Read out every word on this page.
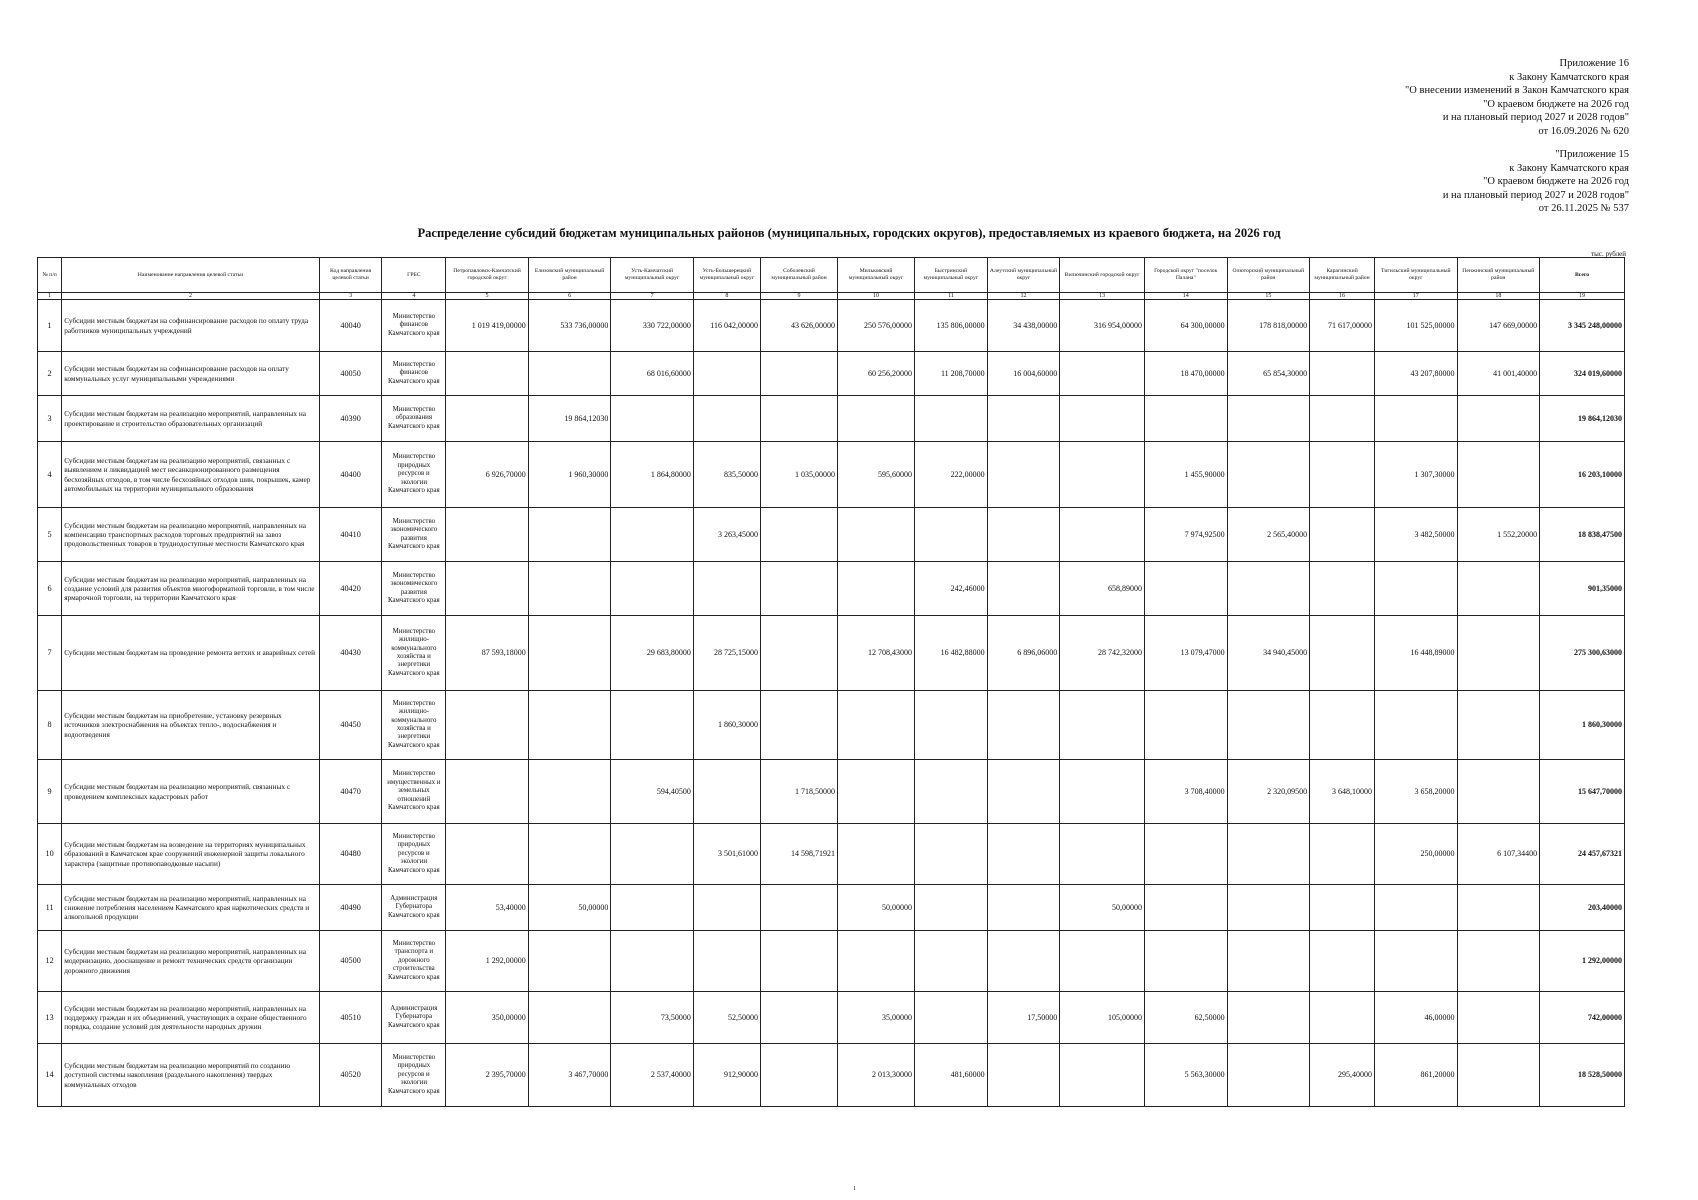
Приложение 16
к Закону Камчатского края
"О внесении изменений в Закон Камчатского края
"О краевом бюджете на 2026 год
и на плановый период 2027 и 2028 годов"
от 16.09.2026 № 620
"Приложение 15
к Закону Камчатского края
"О краевом бюджете на 2026 год
и на плановый период 2027 и 2028 годов"
от 26.11.2025 № 537
Распределение субсидий бюджетам муниципальных районов (муниципальных, городских округов), предоставляемых из краевого бюджета, на 2026 год
тыс. рублей
№ п/п	Наименование направления целевой статьи	Код направления целевой статьи	ГРБС	Петропавловск-Камчатский городской округ	Елизовский муниципальный район	Усть-Камчатский муниципальный округ	Усть-Большерецкий муниципальный округ	Соболевский муниципальный район	Мильковский муниципальный округ	Быстринский муниципальный округ	Алеутский муниципальный округ	Вилючинский городской округ	Городской округ "поселок Палана"	Олюторский муниципальный район	Карагинский муниципальный район	Тигильский муниципальный округ	Пенжинский муниципальный район	Всего
1	2	3	4	5	6	7	8	9	10	11	12	13	14	15	16	17	18	19
1	Субсидии местным бюджетам на софинансирование расходов по оплату труда работников муниципальных учреждений	40040	Министерство финансов Камчатского края	1 019 419,00000	533 736,00000	330 722,00000	116 042,00000	43 626,00000	250 576,00000	135 806,00000	34 438,00000	316 954,00000	64 300,00000	178 818,00000	71 617,00000	101 525,00000	147 669,00000	3 345 248,00000
2	Субсидии местным бюджетам на софинансирование расходов на оплату коммунальных услуг муниципальными учреждениями	40050	Министерство финансов Камчатского края			68 016,60000			60 256,20000	11 208,70000	16 004,60000		18 470,00000	65 854,30000		43 207,80000	41 001,40000	324 019,60000
3	Субсидии местным бюджетам на реализацию мероприятий, направленных на проектирование и строительство образовательных организаций	40390	Министерство образования Камчатского края		19 864,12030													19 864,12030
4	Субсидии местным бюджетам на реализацию мероприятий, связанных с выявлением и ликвидацией мест несанкционированного размещения бесхозяйных отходов, в том числе бесхозяйных отходов шин, покрышек, камер автомобильных на территории муниципального образования	40400	Министерство природных ресурсов и экологии Камчатского края	6 926,70000	1 960,30000	1 864,80000	835,50000	1 035,00000	595,60000	222,00000			1 455,90000			1 307,30000		16 203,10000
5	Субсидии местным бюджетам на реализацию мероприятий, направленных на компенсацию транспортных расходов торговых предприятий на завоз продовольственных товаров в труднодоступные местности Камчатского края	40410	Министерство экономического развития Камчатского края				3 263,45000						7 974,92500	2 565,40000		3 482,50000	1 552,20000	18 838,47500
6	Субсидии местным бюджетам на реализацию мероприятий, направленных на создание условий для развития объектов многоформатной торговли, в том числе ярмарочной торговли, на территории Камчатского края	40420	Министерство экономического развития Камчатского края							242,46000		658,89000						901,35000
7	Субсидии местным бюджетам на проведение ремонта ветхих и аварийных сетей	40430	Министерство жилищно-коммунального хозяйства и энергетики Камчатского края	87 593,18000		29 683,80000	28 725,15000		12 708,43000	16 482,88000	6 896,06000	28 742,32000	13 079,47000	34 940,45000		16 448,89000		275 300,63000
8	Субсидии местным бюджетам на приобретение, установку резервных источников электроснабжения на объектах тепло-, водоснабжения и водоотведения	40450	Министерство жилищно-коммунального хозяйства и энергетики Камчатского края				1 860,30000											1 860,30000
9	Субсидии местным бюджетам на реализацию мероприятий, связанных с проведением комплексных кадастровых работ	40470	Министерство имущественных и земельных отношений Камчатского края			594,40500		1 718,50000					3 708,40000	2 320,09500	3 648,10000	3 658,20000		15 647,70000
10	Субсидии местным бюджетам на возведение на территориях муниципальных образований в Камчатском крае сооружений инженерной защиты локального характера (защитные противопаводковые насыпи)	40480	Министерство природных ресурсов и экологии Камчатского края				3 501,61000	14 598,71921								250,00000	6 107,34400	24 457,67321
11	Субсидии местным бюджетам на реализацию мероприятий, направленных на снижение потребления населением Камчатского края наркотических средств и алкогольной продукции	40490	Администрация Губернатора Камчатского края	53,40000	50,00000				50,00000			50,00000						203,40000
12	Субсидии местным бюджетам на реализацию мероприятий, направленных на модернизацию, дооснащение и ремонт технических средств организации дорожного движения	40500	Министерство транспорта и дорожного строительства Камчатского края	1 292,00000														1 292,00000
13	Субсидии местным бюджетам на реализацию мероприятий, направленных на поддержку граждан и их объединений, участвующих в охране общественного порядка, создание условий для деятельности народных дружин	40510	Администрация Губернатора Камчатского края	350,00000		73,50000	52,50000		35,00000		17,50000	105,00000	62,50000			46,00000		742,00000
14	Субсидии местным бюджетам на реализацию мероприятий по созданию доступной системы накопления (раздельного накопления) твердых коммунальных отходов	40520	Министерство природных ресурсов и экологии Камчатского края	2 395,70000	3 467,70000	2 537,40000	912,90000		2 013,30000	481,60000			5 563,30000		295,40000	861,20000		18 528,50000
1
